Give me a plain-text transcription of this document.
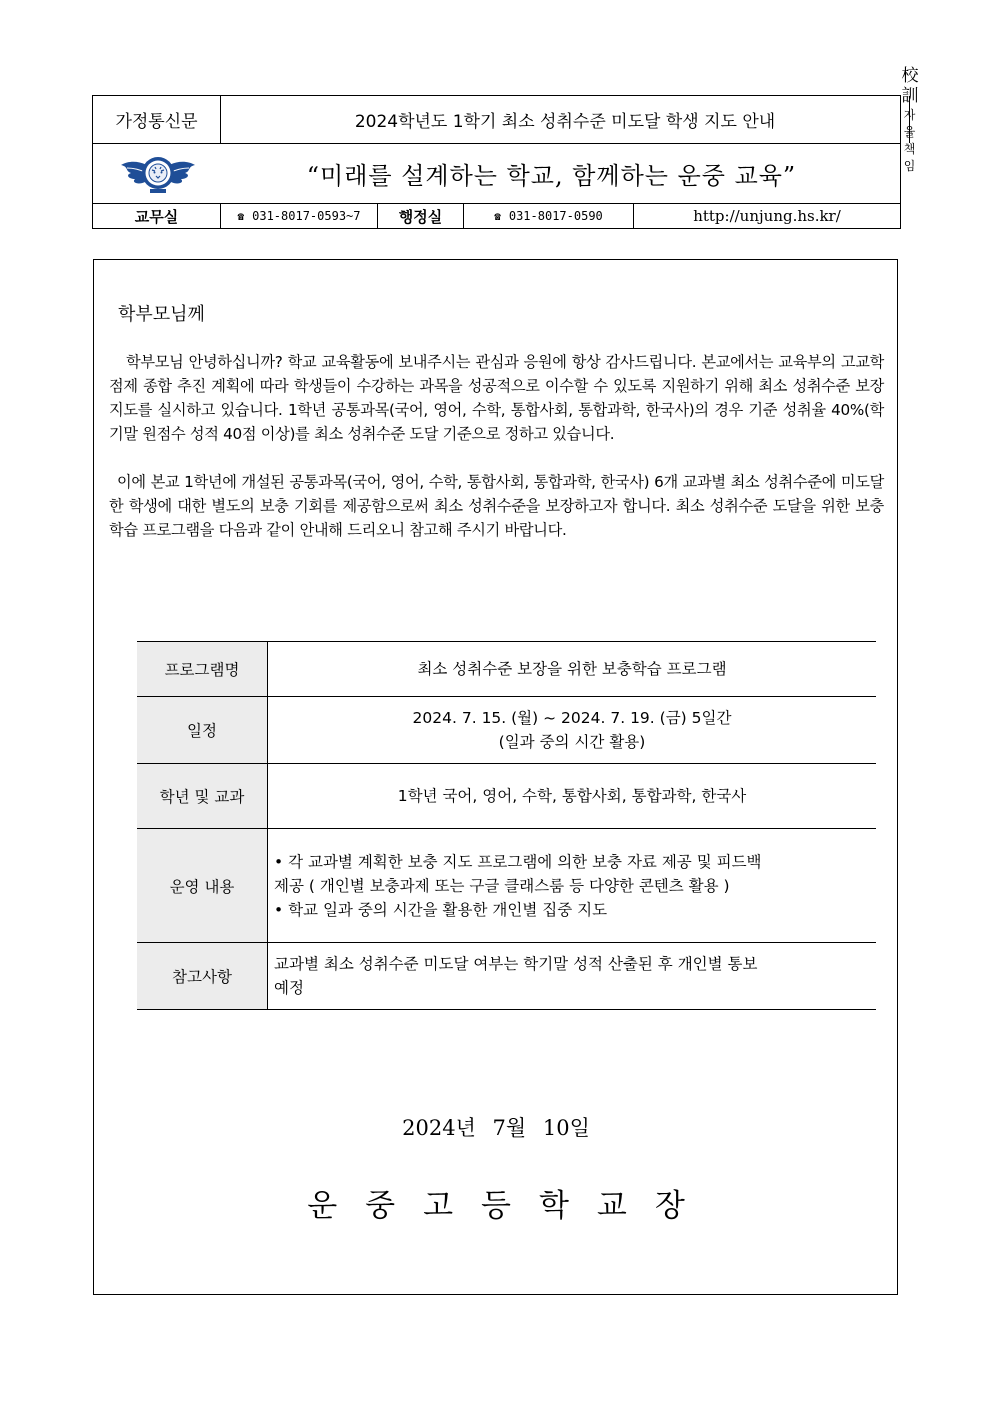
가정통신문	2024학년도 1학기 최소 성취수준 미도달 학생 지도 안내
校訓
자율 책임
“미래를 설계하는 학교, 함께하는 운중 교육”
교무실	☎ 031-8017-0593~7	행정실	☎ 031-8017-0590	http://unjung.hs.kr/
학부모님께
학부모님 안녕하십니까? 학교 교육활동에 보내주시는 관심과 응원에 항상 감사드립니다. 본교에서는 교육부의 고교학점제 종합 추진 계획에 따라 학생들이 수강하는 과목을 성공적으로 이수할 수 있도록 지원하기 위해 최소 성취수준 보장 지도를 실시하고 있습니다. 1학년 공통과목(국어, 영어, 수학, 통합사회, 통합과학, 한국사)의 경우 기준 성취율 40%(학기말 원점수 성적 40점 이상)를 최소 성취수준 도달 기준으로 정하고 있습니다.
이에 본교 1학년에 개설된 공통과목(국어, 영어, 수학, 통합사회, 통합과학, 한국사) 6개 교과별 최소 성취수준에 미도달한 학생에 대한 별도의 보충 기회를 제공함으로써 최소 성취수준을 보장하고자 합니다. 최소 성취수준 도달을 위한 보충학습 프로그램을 다음과 같이 안내해 드리오니 참고해 주시기 바랍니다.
프로그램명	최소 성취수준 보장을 위한 보충학습 프로그램
일정	2024. 7. 15. (월) ~ 2024. 7. 19. (금) 5일간
(일과 중의 시간 활용)

학년 및 교과	1학년 국어, 영어, 수학, 통합사회, 통합과학, 한국사
운영 내용	• 각 교과별 계획한 보충 지도 프로그램에 의한 보충 자료 제공 및 피드백
제공 ( 개인별 보충과제 또는 구글 클래스룸 등 다양한 콘텐츠 활용 )
• 학교 일과 중의 시간을 활용한 개인별 집중 지도

참고사항	교과별 최소 성취수준 미도달 여부는 학기말 성적 산출된 후 개인별 통보
예정
2024년 7월 10일
운중고등학교장
